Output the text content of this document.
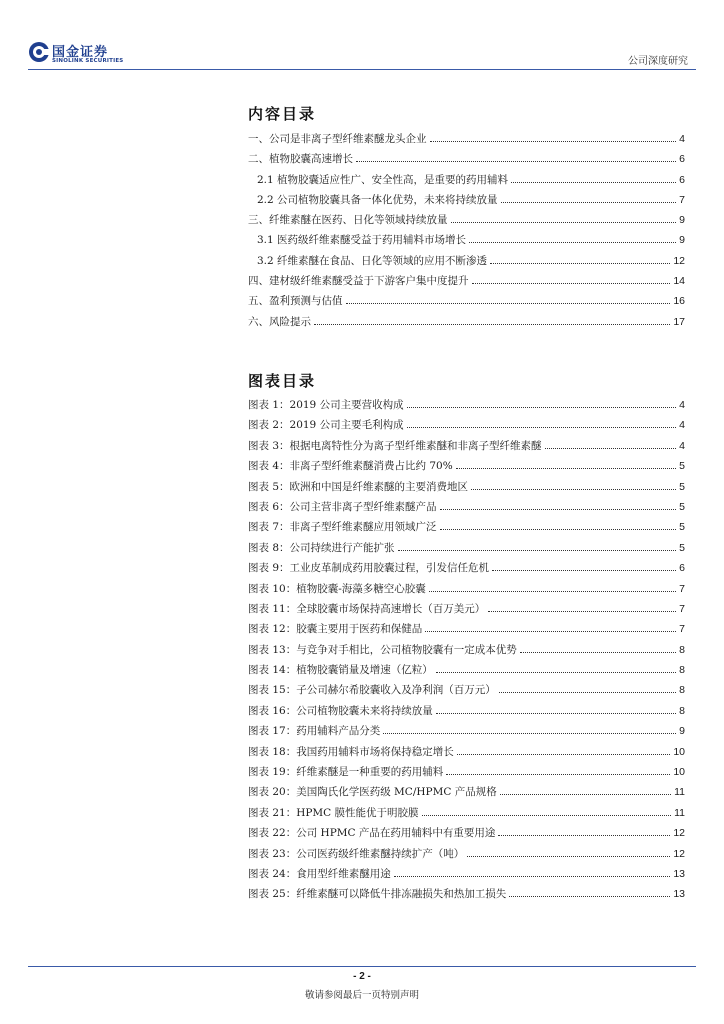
国金证券
SINOLINK SECURITIES	公司深度研究
内容目录
一、公司是非离子型纤维素醚龙头企业	4
二、植物胶囊高速增长	6
2.1 植物胶囊适应性广、安全性高，是重要的药用辅料	6
2.2 公司植物胶囊具备一体化优势，未来将持续放量	7
三、纤维素醚在医药、日化等领域持续放量	9
3.1 医药级纤维素醚受益于药用辅料市场增长	9
3.2 纤维素醚在食品、日化等领域的应用不断渗透	12
四、建材级纤维素醚受益于下游客户集中度提升	14
五、盈利预测与估值	16
六、风险提示	17
图表目录
图表 1：2019 公司主要营收构成	4
图表 2：2019 公司主要毛利构成	4
图表 3：根据电离特性分为离子型纤维素醚和非离子型纤维素醚	4
图表 4：非离子型纤维素醚消费占比约 70%	5
图表 5：欧洲和中国是纤维素醚的主要消费地区	5
图表 6：公司主营非离子型纤维素醚产品	5
图表 7：非离子型纤维素醚应用领域广泛	5
图表 8：公司持续进行产能扩张	5
图表 9：工业皮革制成药用胶囊过程，引发信任危机	6
图表 10：植物胶囊-海藻多糖空心胶囊	7
图表 11：全球胶囊市场保持高速增长（百万美元）	7
图表 12：胶囊主要用于医药和保健品	7
图表 13：与竞争对手相比，公司植物胶囊有一定成本优势	8
图表 14：植物胶囊销量及增速（亿粒）	8
图表 15：子公司赫尔希胶囊收入及净利润（百万元）	8
图表 16：公司植物胶囊未来将持续放量	8
图表 17：药用辅料产品分类	9
图表 18：我国药用辅料市场将保持稳定增长	10
图表 19：纤维素醚是一种重要的药用辅料	10
图表 20：美国陶氏化学医药级 MC/HPMC 产品规格	11
图表 21：HPMC 膜性能优于明胶膜	11
图表 22：公司 HPMC 产品在药用辅料中有重要用途	12
图表 23：公司医药级纤维素醚持续扩产（吨）	12
图表 24：食用型纤维素醚用途	13
图表 25：纤维素醚可以降低牛排冻融损失和热加工损失	13
- 2 -
敬请参阅最后一页特别声明
